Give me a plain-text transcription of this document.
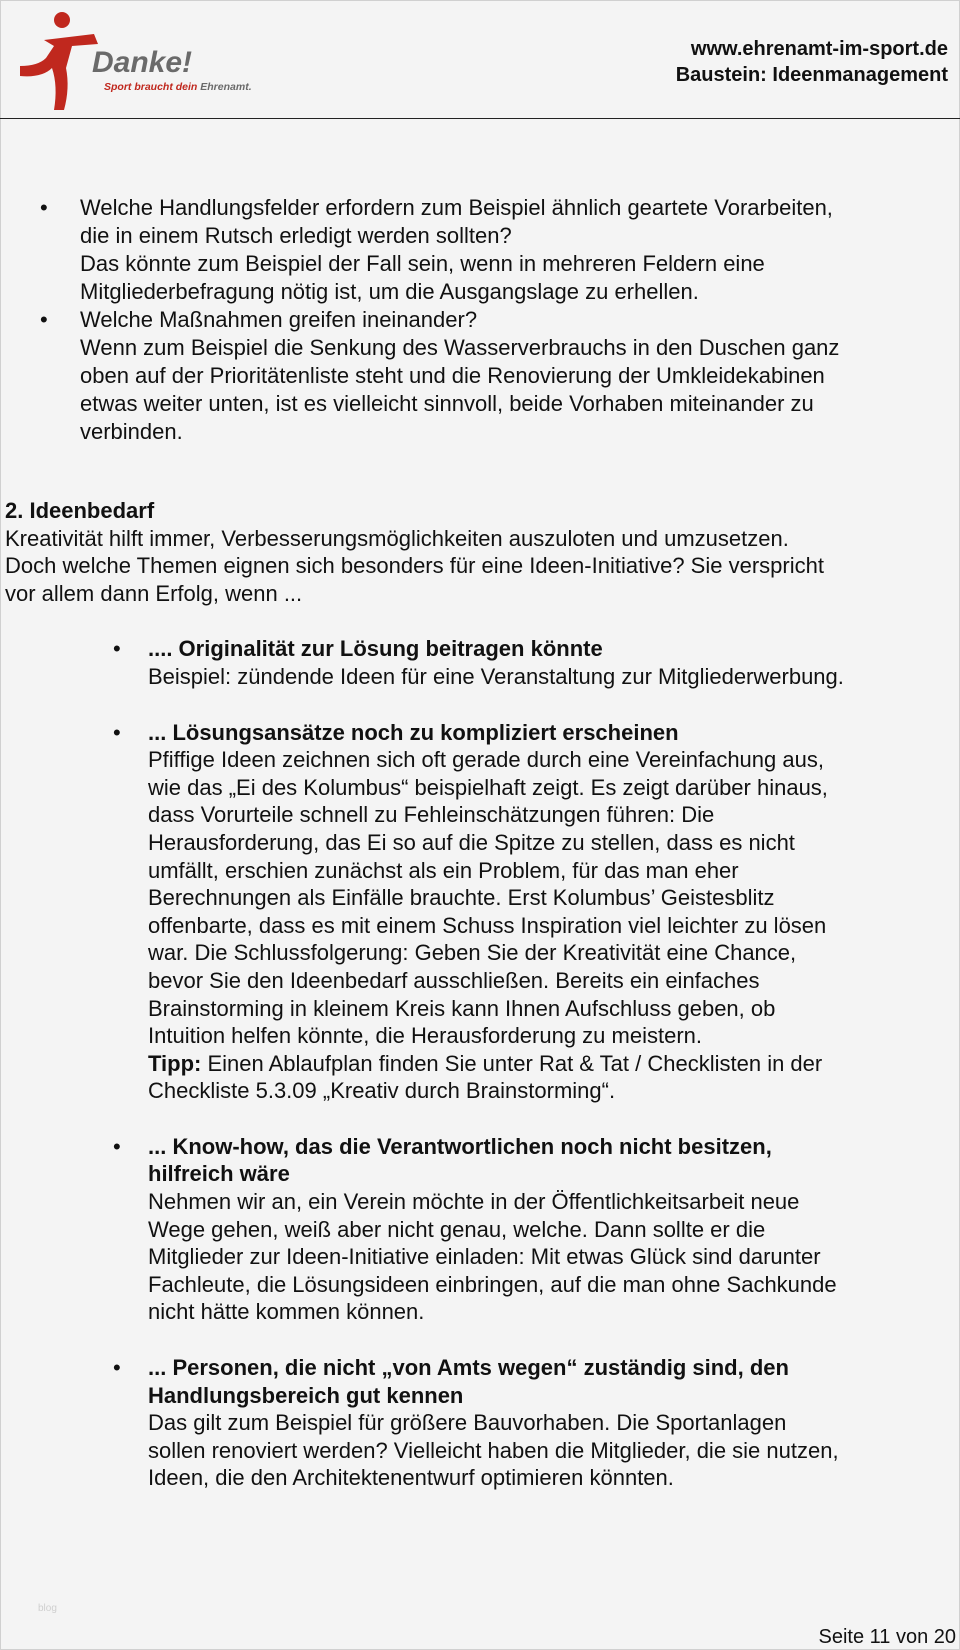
Danke!
Sport braucht dein Ehrenamt.
www.ehrenamt-im-sport.de
Baustein: Ideenmanagement
• Welche Handlungsfelder erfordern zum Beispiel ähnlich geartete Vorarbeiten,
die in einem Rutsch erledigt werden sollten?
Das könnte zum Beispiel der Fall sein, wenn in mehreren Feldern eine
Mitgliederbefragung nötig ist, um die Ausgangslage zu erhellen.
• Welche Maßnahmen greifen ineinander?
Wenn zum Beispiel die Senkung des Wasserverbrauchs in den Duschen ganz
oben auf der Prioritätenliste steht und die Renovierung der Umkleidekabinen
etwas weiter unten, ist es vielleicht sinnvoll, beide Vorhaben miteinander zu
verbinden.
2. Ideenbedarf
Kreativität hilft immer, Verbesserungsmöglichkeiten auszuloten und umzusetzen.
Doch welche Themen eignen sich besonders für eine Ideen-Initiative? Sie verspricht
vor allem dann Erfolg, wenn ...
• .... Originalität zur Lösung beitragen könnte
Beispiel: zündende Ideen für eine Veranstaltung zur Mitgliederwerbung.
• ... Lösungsansätze noch zu kompliziert erscheinen
Pfiffige Ideen zeichnen sich oft gerade durch eine Vereinfachung aus,
wie das „Ei des Kolumbus“ beispielhaft zeigt. Es zeigt darüber hinaus,
dass Vorurteile schnell zu Fehleinschätzungen führen: Die
Herausforderung, das Ei so auf die Spitze zu stellen, dass es nicht
umfällt, erschien zunächst als ein Problem, für das man eher
Berechnungen als Einfälle brauchte. Erst Kolumbus’ Geistesblitz
offenbarte, dass es mit einem Schuss Inspiration viel leichter zu lösen
war. Die Schlussfolgerung: Geben Sie der Kreativität eine Chance,
bevor Sie den Ideenbedarf ausschließen. Bereits ein einfaches
Brainstorming in kleinem Kreis kann Ihnen Aufschluss geben, ob
Intuition helfen könnte, die Herausforderung zu meistern.
Tipp: Einen Ablaufplan finden Sie unter Rat & Tat / Checklisten in der
Checkliste 5.3.09 „Kreativ durch Brainstorming“.
• ... Know-how, das die Verantwortlichen noch nicht besitzen,
hilfreich wäre
Nehmen wir an, ein Verein möchte in der Öffentlichkeitsarbeit neue
Wege gehen, weiß aber nicht genau, welche. Dann sollte er die
Mitglieder zur Ideen-Initiative einladen: Mit etwas Glück sind darunter
Fachleute, die Lösungsideen einbringen, auf die man ohne Sachkunde
nicht hätte kommen können.
• ... Personen, die nicht „von Amts wegen“ zuständig sind, den
Handlungsbereich gut kennen
Das gilt zum Beispiel für größere Bauvorhaben. Die Sportanlagen
sollen renoviert werden? Vielleicht haben die Mitglieder, die sie nutzen,
Ideen, die den Architektenentwurf optimieren könnten.
blog
Seite 11 von 20
